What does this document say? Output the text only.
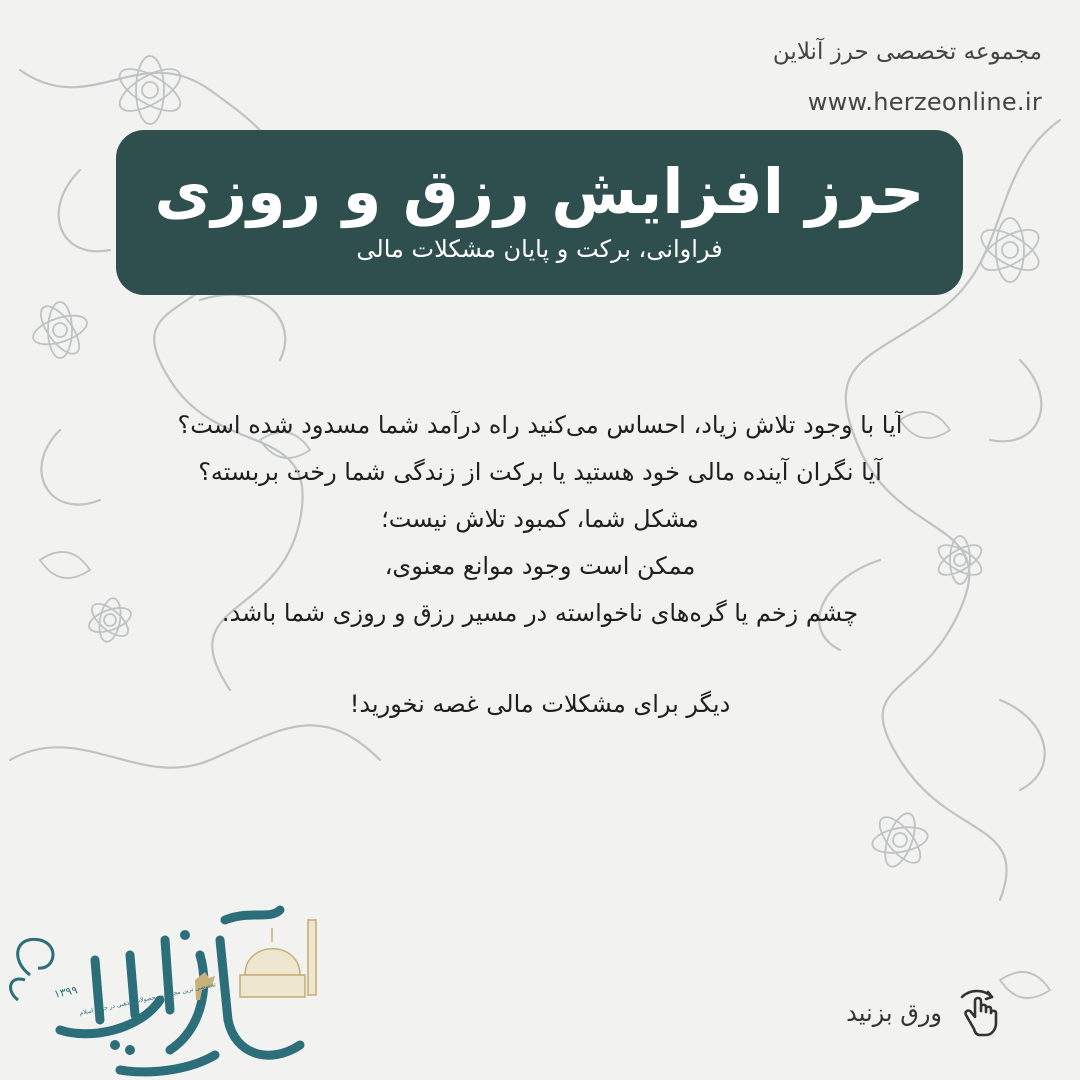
مجموعه تخصصی حرز آنلاین
www.herzeonline.ir
حرز افزایش رزق و روزی
فراوانی، برکت و پایان مشکلات مالی

آیا با وجود تلاش زیاد، احساس می‌کنید راه درآمد شما مسدود شده است؟

آیا نگران آینده مالی خود هستید یا برکت از زندگی شما رخت بربسته؟

مشکل شما، کمبود تلاش نیست؛

ممکن است وجود موانع معنوی،

چشم زخم یا گره‌های ناخواسته در مسیر رزق و روزی شما باشد.

دیگر برای مشکلات مالی غصه نخورید!

۱۳۹۹ تخصصی ترین مجموعه محصولات مذهبی در جهان اسلام	ورق بزنید
